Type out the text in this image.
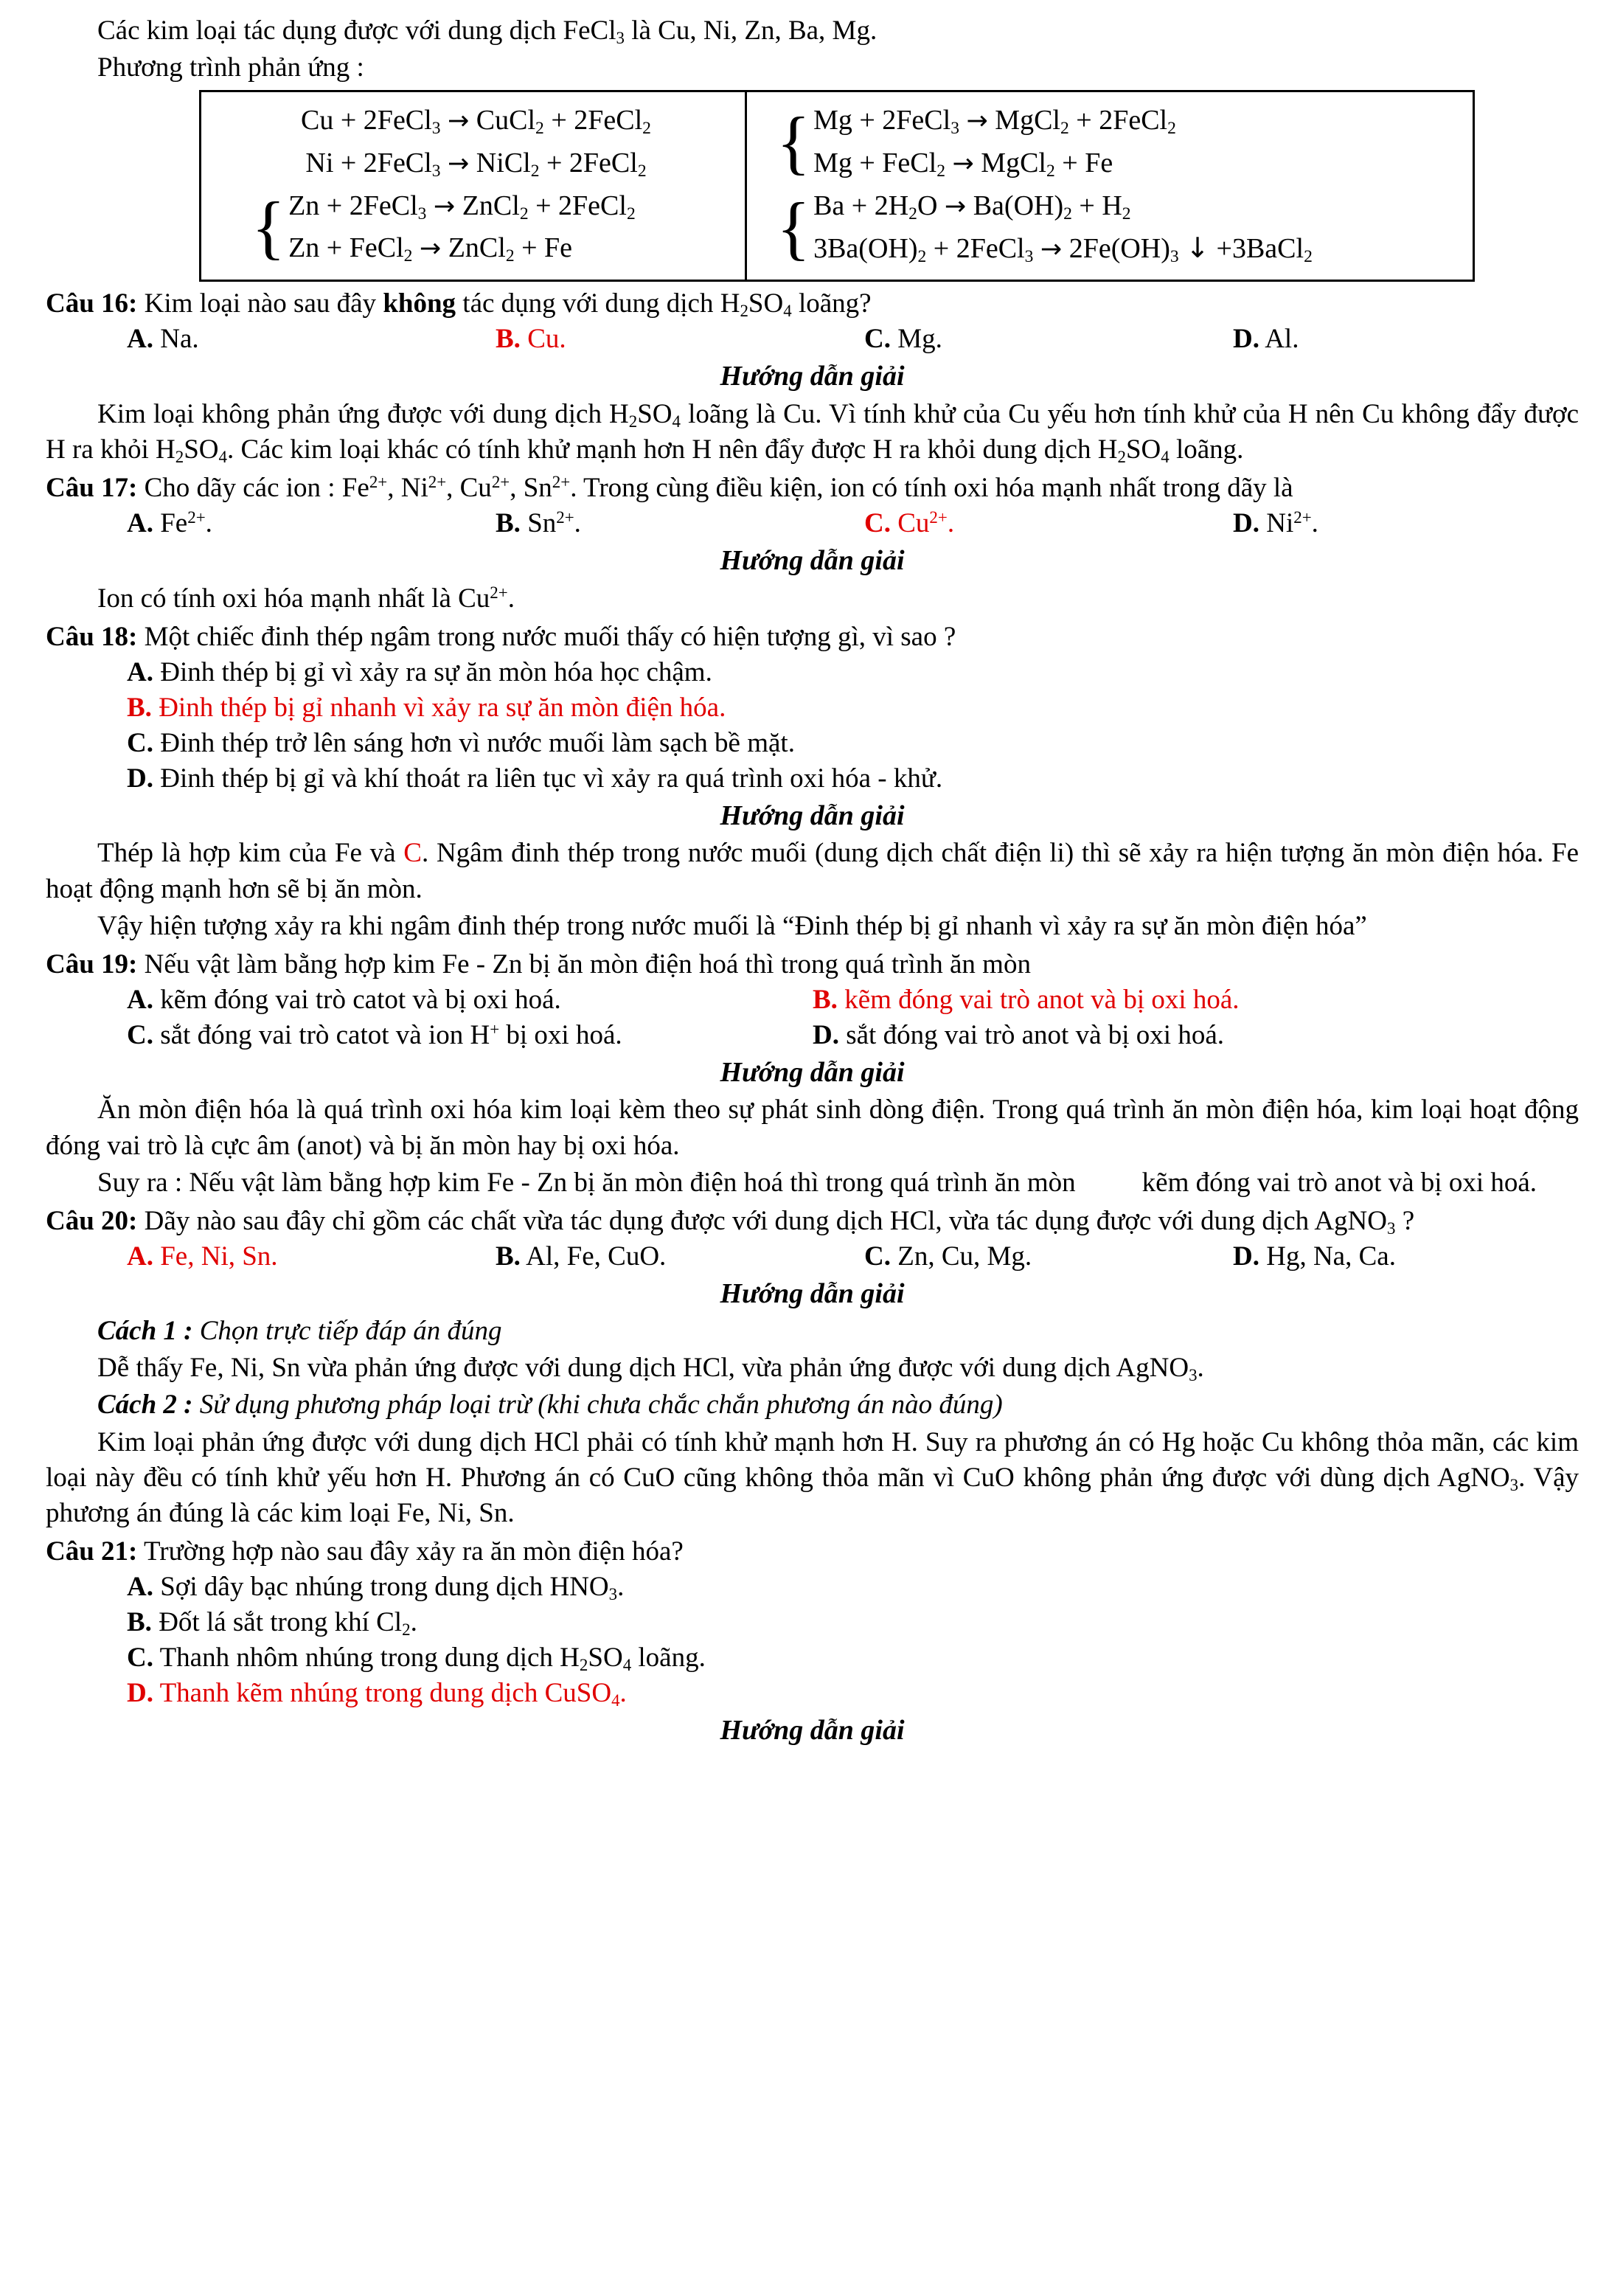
Các kim loại tác dụng được với dung dịch FeCl$_3$ là Cu, Ni, Zn, Ba, Mg.
Phương trình phản ứng :
Cu + 2FeCl$_3$ → CuCl$_2$ + 2FeCl$_2$
Ni + 2FeCl$_3$ → NiCl$_2$ + 2FeCl$_2$
{ Zn + 2FeCl$_3$ → ZnCl$_2$ + 2FeCl$_2$
Zn + FeCl$_2$ → ZnCl$_2$ + Fe
{ Mg + 2FeCl$_3$ → MgCl$_2$ + 2FeCl$_2$
Mg + FeCl$_2$ → MgCl$_2$ + Fe
{ $Ba + 2H_2O \to Ba(OH)_2 + H_2$
$3Ba(OH)_2$ + 2FeCl$_3$ → $2Fe(OH)_3$ ↓ +3BaCl$_2$
Câu 16: Kim loại nào sau đây không tác dụng với dung dịch $H_2SO_4$ loãng?
A. Na.	B. Cu.	C. Mg.	D. Al.
Hướng dẫn giải
Kim loại không phản ứng được với dung dịch $H_2SO_4$ loãng là Cu. Vì tính khử của Cu yếu hơn tính khử của H nên Cu không đẩy được H ra khỏi $H_2SO_4$. Các kim loại khác có tính khử mạnh hơn H nên đẩy được H ra khỏi dung dịch $H_2SO_4$ loãng.
Câu 17: Cho dãy các ion : $Fe^{2+}$, $Ni^{2+}$, $Cu^{2+}$, $Sn^{2+}$. Trong cùng điều kiện, ion có tính oxi hóa mạnh nhất trong dãy là
A. $Fe^{2+}$.	B. $Sn^{2+}$.	C. $Cu^{2+}$.	D. $Ni^{2+}$.
Hướng dẫn giải
Ion có tính oxi hóa mạnh nhất là $Cu^{2+}$.
Câu 18: Một chiếc đinh thép ngâm trong nước muối thấy có hiện tượng gì, vì sao ?
A. Đinh thép bị gỉ vì xảy ra sự ăn mòn hóa học chậm.
B. Đinh thép bị gỉ nhanh vì xảy ra sự ăn mòn điện hóa.
C. Đinh thép trở lên sáng hơn vì nước muối làm sạch bề mặt.
D. Đinh thép bị gỉ và khí thoát ra liên tục vì xảy ra quá trình oxi hóa - khử.
Hướng dẫn giải
Thép là hợp kim của Fe và C. Ngâm đinh thép trong nước muối (dung dịch chất điện li) thì sẽ xảy ra hiện tượng ăn mòn điện hóa. Fe hoạt động mạnh hơn sẽ bị ăn mòn.
Vậy hiện tượng xảy ra khi ngâm đinh thép trong nước muối là “Đinh thép bị gỉ nhanh vì xảy ra sự ăn mòn điện hóa”
Câu 19: Nếu vật làm bằng hợp kim Fe - Zn bị ăn mòn điện hoá thì trong quá trình ăn mòn
A. kẽm đóng vai trò catot và bị oxi hoá.	B. kẽm đóng vai trò anot và bị oxi hoá.
C. sắt đóng vai trò catot và ion H+ bị oxi hoá.	D. sắt đóng vai trò anot và bị oxi hoá.
Hướng dẫn giải
Ăn mòn điện hóa là quá trình oxi hóa kim loại kèm theo sự phát sinh dòng điện. Trong quá trình ăn mòn điện hóa, kim loại hoạt động đóng vai trò là cực âm (anot) và bị ăn mòn hay bị oxi hóa.
Suy ra : Nếu vật làm bằng hợp kim Fe - Zn bị ăn mòn điện hoá thì trong quá trình ăn mòn kẽm đóng vai trò anot và bị oxi hoá.
Câu 20: Dãy nào sau đây chỉ gồm các chất vừa tác dụng được với dung dịch HCl, vừa tác dụng được với dung dịch AgNO$_3$ ?
A. Fe, Ni, Sn.	B. Al, Fe, CuO.	C. Zn, Cu, Mg.	D. Hg, Na, Ca.
Hướng dẫn giải
Cách 1 : Chọn trực tiếp đáp án đúng
Dễ thấy Fe, Ni, Sn vừa phản ứng được với dung dịch HCl, vừa phản ứng được với dung dịch AgNO$_3$.
Cách 2 : Sử dụng phương pháp loại trừ (khi chưa chắc chắn phương án nào đúng)
Kim loại phản ứng được với dung dịch HCl phải có tính khử mạnh hơn H. Suy ra phương án có Hg hoặc Cu không thỏa mãn, các kim loại này đều có tính khử yếu hơn H. Phương án có CuO cũng không thỏa mãn vì CuO không phản ứng được với dùng dịch AgNO$_3$. Vậy phương án đúng là các kim loại Fe, Ni, Sn.
Câu 21: Trường hợp nào sau đây xảy ra ăn mòn điện hóa?
A. Sợi dây bạc nhúng trong dung dịch $HNO_3$.
B. Đốt lá sắt trong khí $Cl_2$.
C. Thanh nhôm nhúng trong dung dịch $H_2SO_4$ loãng.
D. Thanh kẽm nhúng trong dung dịch CuSO$_4$.
Hướng dẫn giải
